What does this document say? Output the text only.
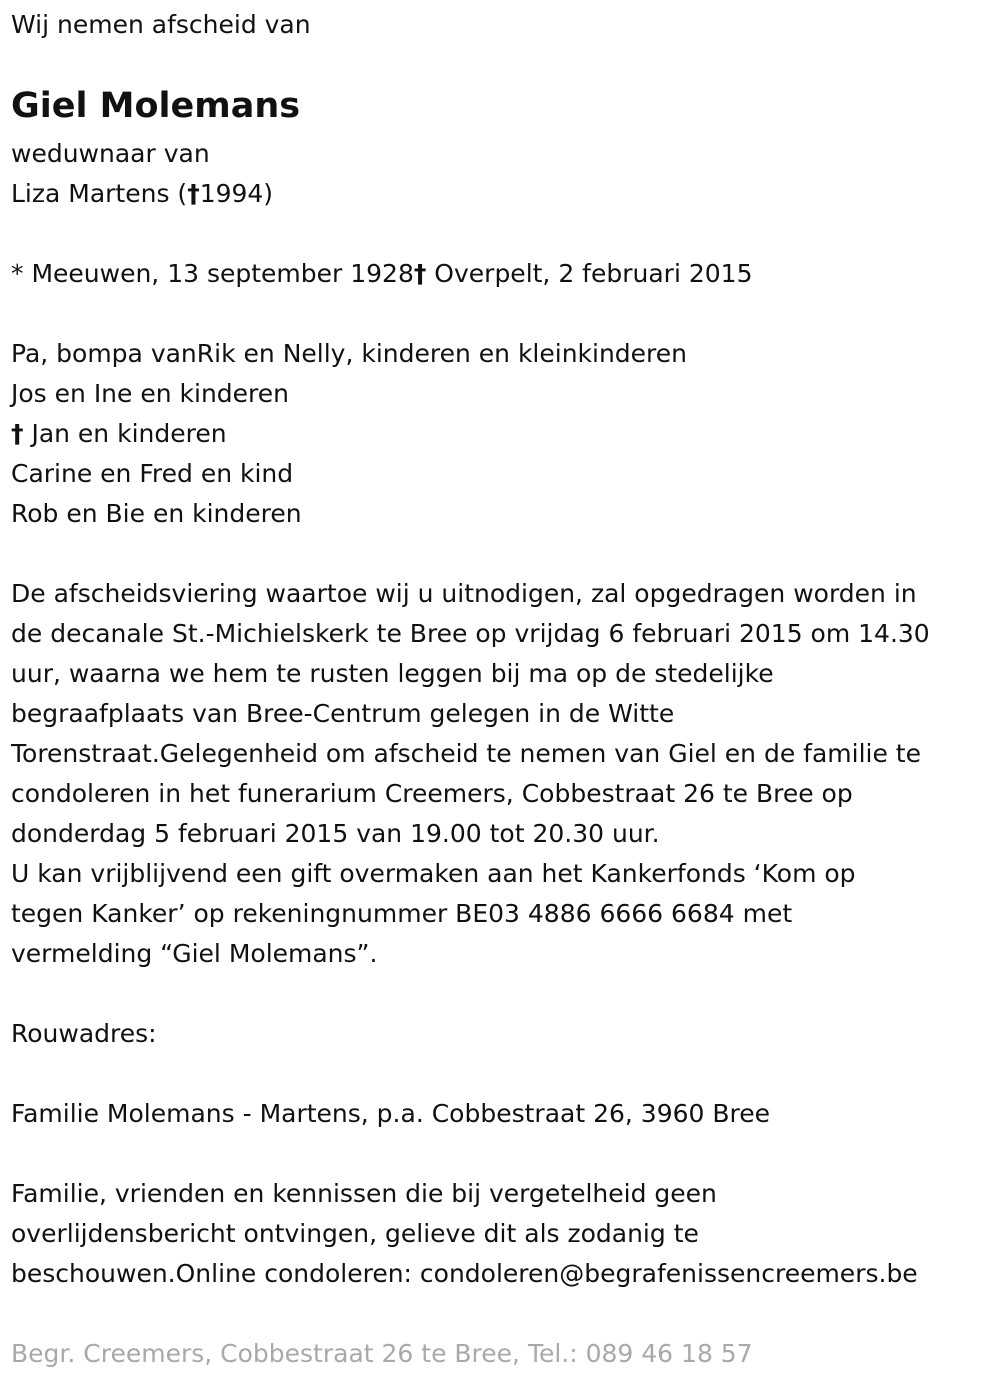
Wij nemen afscheid van
Giel Molemans
weduwnaar van
Liza Martens (†1994)
* Meeuwen, 13 september 1928† Overpelt, 2 februari 2015
Pa, bompa vanRik en Nelly, kinderen en kleinkinderen
Jos en Ine en kinderen
† Jan en kinderen
Carine en Fred en kind
Rob en Bie en kinderen
De afscheidsviering waartoe wij u uitnodigen, zal opgedragen worden in
de decanale St.-Michielskerk te Bree op vrijdag 6 februari 2015 om 14.30
uur, waarna we hem te rusten leggen bij ma op de stedelijke
begraafplaats van Bree-Centrum gelegen in de Witte
Torenstraat.Gelegenheid om afscheid te nemen van Giel en de familie te
condoleren in het funerarium Creemers, Cobbestraat 26 te Bree op
donderdag 5 februari 2015 van 19.00 tot 20.30 uur.
U kan vrijblijvend een gift overmaken aan het Kankerfonds ‘Kom op
tegen Kanker’ op rekeningnummer BE03 4886 6666 6684 met
vermelding “Giel Molemans”.
Rouwadres:
Familie Molemans - Martens, p.a. Cobbestraat 26, 3960 Bree
Familie, vrienden en kennissen die bij vergetelheid geen
overlijdensbericht ontvingen, gelieve dit als zodanig te
beschouwen.Online condoleren: condoleren@begrafenissencreemers.be
Begr. Creemers, Cobbestraat 26 te Bree, Tel.: 089 46 18 57
